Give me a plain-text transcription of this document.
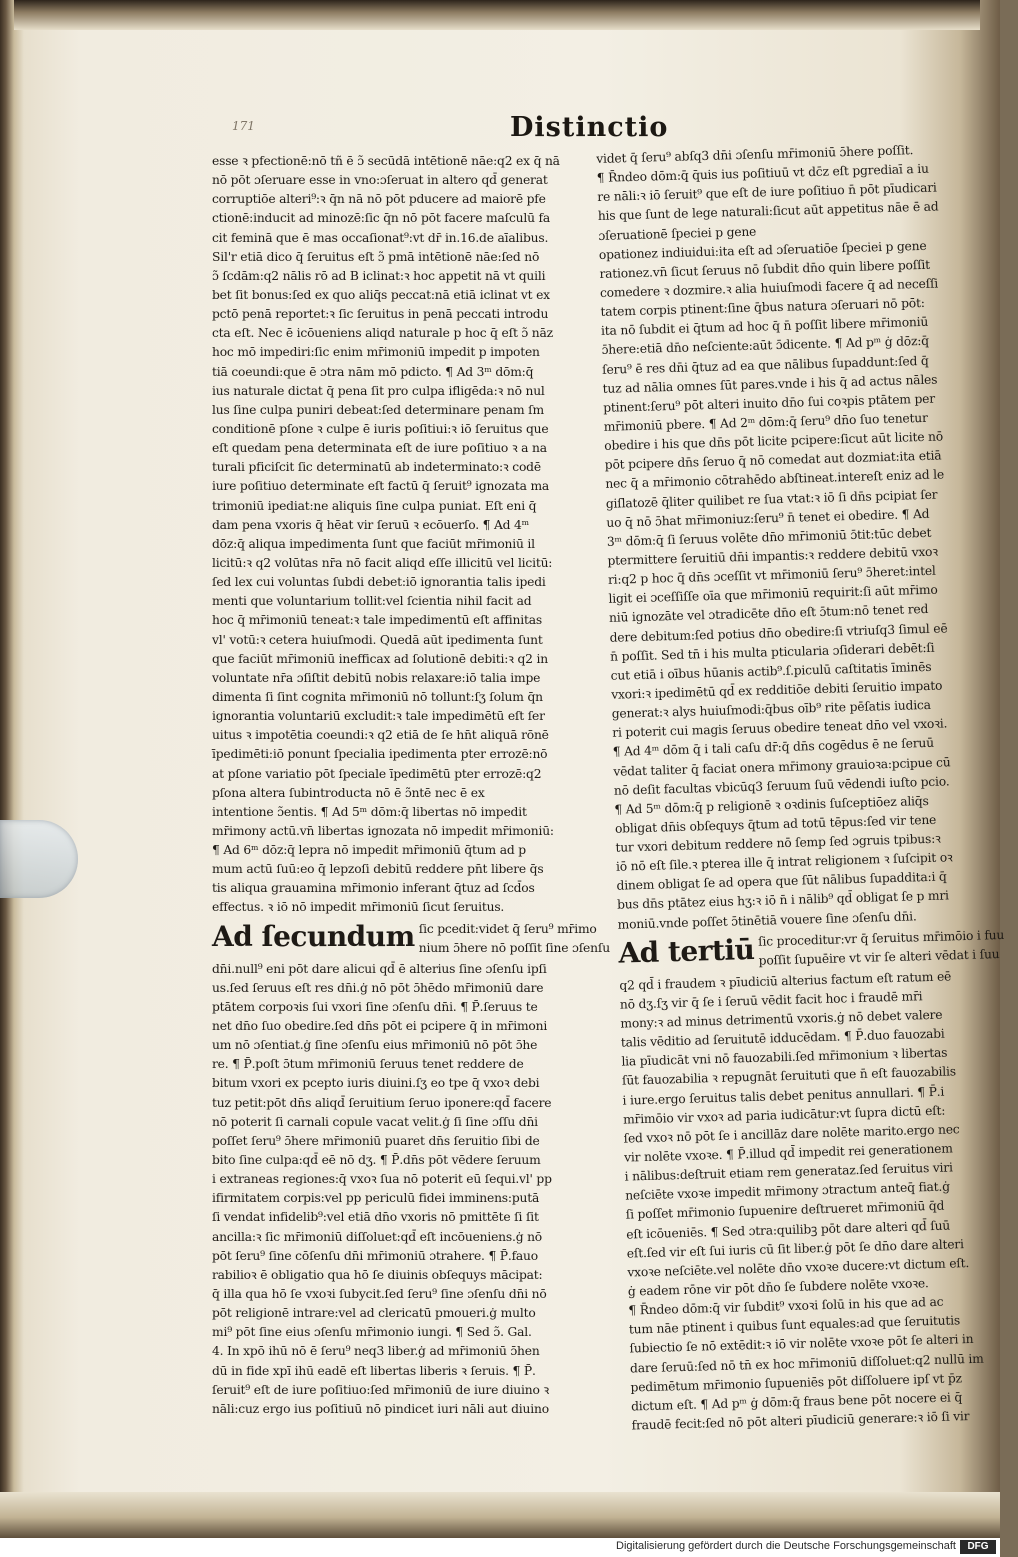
171	Distinctio
esse ꝛ pfectionē:nō tñ ē ɔ̃ secūdā intētionē nāe:q2 ex q̄ nā
nō pōt ɔſeruare esse in vno:ɔſeruat in altero qd̄ generat
corruptiōe alteri⁹:ꝛ q̄n nā nō pōt pducere ad maiorē pfe
ctionē:inducit ad minozē:ſic q̄n nō pōt facere maſculū fa
cit feminā que ē mas occaſionat⁹:vt dr̄ in.16.de aīalibus.
Sil'r etiā dico q̄ ſeruitus eſt ɔ̃ pmā intētionē nāe:ſed nō
ɔ̃ ſcdām:q2 nālis rō ad B iclinat:ꝛ hoc appetit nā vt quili
bet ſit bonus:ſed ex quo aliq̄s peccat:nā etiā iclinat vt ex
pctō penā reportet:ꝛ ſic ſeruitus in penā peccati introdu
cta eſt. Nec ē icōueniens aliqd naturale p hoc q̄ eſt ɔ̃ nāz
hoc mō impediri:ſic enim mr̄imoniū impedit p impoten
tiā coeundi:que ē ɔtra nām mō pdicto. ¶ Ad 3ᵐ dōm:q̄
ius naturale dictat q̄ pena ſit pro culpa ifligēda:ꝛ nō nul
lus ſine culpa puniri debeat:ſed determinare penam ſm
conditionē pſone ꝛ culpe ē iuris poſitiui:ꝛ iō ſeruitus que
eſt quedam pena determinata eſt de iure poſitiuo ꝛ a na
turali pficiſcit ſic determinatū ab indeterminato:ꝛ codē
iure poſitiuo determinate eſt factū q̄ ſeruit⁹ ignozata ma
trimoniū ipediat:ne aliquis ſine culpa puniat. Eſt eni q̄
dam pena vxoris q̄ hēat vir ſeruū ꝛ ecōuerſo. ¶ Ad 4ᵐ
dōz:q̄ aliqua impedimenta ſunt que faciūt mr̄imoniū il
licitū:ꝛ q2 volūtas nr̄a nō facit aliqd eſſe illicitū vel licitū:
ſed lex cui voluntas ſubdi debet:iō ignorantia talis ipedi
menti que voluntarium tollit:vel ſcientia nihil facit ad
hoc q̄ mr̄imoniū teneat:ꝛ tale impedimentū eſt affinitas
vl' votū:ꝛ cetera huiuſmodi. Quedā aūt ipedimenta ſunt
que faciūt mr̄imoniū inefficax ad ſolutionē debiti:ꝛ q2 in
voluntate nr̄a ɔſiſtit debitū nobis relaxare:iō talia impe
dimenta ſi ſint cognita mr̄imoniū nō tollunt:ſʒ ſolum q̄n
ignorantia voluntariū excludit:ꝛ tale impedimētū eſt ſer
uitus ꝛ impotētia coeundi:ꝛ q2 etiā de ſe hn̄t aliquā rōnē
īpedimēti:iō ponunt ſpecialia ipedimenta pter errozē:nō
at pſone variatio pōt ſpeciale īpedimētū pter errozē:q2
pſona altera ſubintroducta nō ē ɔ̃ntē nec ē ex
intentione ɔ̃entis. ¶ Ad 5ᵐ dōm:q̄ libertas nō impedit
mr̄imony actū.vn̄ libertas ignozata nō impedit mr̄imoniū:
¶ Ad 6ᵐ dōz:q̄ lepra nō impedit mr̄imoniū q̄tum ad p
mum actū ſuū:eo q̄ lepzoſi debitū reddere pn̄t libere q̄s
tis aliqua grauamina mr̄imonio inferant q̄tuz ad ſcd̄os
effectus. ꝛ iō nō impedit mr̄imoniū ſicut ſeruitus.
Ad ſecundum ſic pcedit:videt q̄ ſeru⁹ mr̄imo
nium ɔ̄here nō poſſit ſine ɔſenſu
dn̄i.null⁹ eni pōt dare alicui qd̄ ē alterius ſine ɔſenſu ipſi
us.ſed ſeruus eſt res dn̄i.ġ nō pōt ɔ̄hēdo mr̄imoniū dare
ptātem corpoꝛis ſui vxori ſine ɔſenſu dn̄i. ¶ P̄.ſeruus te
net dn̄o ſuo obedire.ſed dn̄s pōt ei pcipere q̄ in mr̄imoni
um nō ɔſentiat.ġ ſine ɔſenſu eius mr̄imoniū nō pōt ɔ̄he
re. ¶ P̄.poſt ɔ̄tum mr̄imoniū ſeruus tenet reddere de
bitum vxori ex pcepto iuris diuini.ſʒ eo tpe q̄ vxoꝛ debi
tuz petit:pōt dn̄s aliqd̄ ſeruitium ſeruo iponere:qd̄ facere
nō poterit ſi carnali copule vacat velit.ġ ſi ſine ɔſſu dn̄i
poſſet ſeru⁹ ɔ̄here mr̄imoniū puaret dn̄s ſeruitio ſibi de
bito ſine culpa:qd̄ eē nō dʒ. ¶ P̄.dn̄s pōt vēdere ſeruum
i extraneas regiones:q̄ vxoꝛ ſua nō poterit eū ſequi.vl' pp
ifirmitatem corpis:vel pp periculū fidei imminens:putā
ſi vendat infidelib⁹:vel etiā dn̄o vxoris nō pmittēte ſi ſit
ancilla:ꝛ ſic mr̄imoniū diſſoluet:qd̄ eſt incōueniens.ġ nō
pōt ſeru⁹ ſine cōſenſu dn̄i mr̄imoniū ɔtrahere. ¶ P̄.fauo
rabilioꝛ ē obligatio qua hō ſe diuinis obſequys mācipat:
q̄ illa qua hō ſe vxoꝛi ſubycit.ſed ſeru⁹ ſine ɔſenſu dn̄i nō
pōt religionē intrare:vel ad clericatū pmoueri.ġ multo
mi⁹ pōt ſine eius ɔſenſu mr̄imonio iungi. ¶ Sed ɔ̃. Gal.
4. In xpō ihū nō ē ſeru⁹ neq3 liber.ġ ad mr̄imoniū ɔ̄hen
dū in fide xpī ihū eadē eſt libertas liberis ꝛ ſeruis. ¶ P̄.
ſeruit⁹ eſt de iure poſitiuo:ſed mr̄imoniū de iure diuino ꝛ
nāli:cuz ergo ius poſitiuū nō pindicet iuri nāli aut diuino
videt q̄ ſeru⁹ abſq3 dn̄i ɔſenſu mr̄imoniū ɔ̄here poſſit.
¶ R̄ndeo dōm:q̄ q̄uis ius poſitiuū vt dc̄z eſt pgrediaī a iu
re nāli:ꝛ iō ſeruit⁹ que eſt de iure poſitiuo n̄ pōt pīudicari
his que ſunt de lege naturali:ſicut aūt appetitus nāe ē ad
ɔſeruationē ſpeciei p gene
opationez indiuidui:ita eſt ad ɔſeruatiōe ſpeciei p gene
rationez.vn̄ ſicut ſeruus nō ſubdit dn̄o quin libere poſſit
comedere ꝛ dozmire.ꝛ alia huiuſmodi facere q̄ ad neceſſi
tatem corpis ptinent:ſine q̄bus natura ɔſeruari nō pōt:
ita nō ſubdit ei q̄tum ad hoc q̄ n̄ poſſit libere mr̄imoniū
ɔ̄here:etiā dn̄o neſciente:aūt ɔ̄dicente. ¶ Ad pᵐ ġ dōz:q̄
ſeru⁹ ē res dn̄i q̄tuz ad ea que nālibus ſupaddunt:ſed q̄
tuz ad nālia omnes ſūt pares.vnde i his q̄ ad actus nāles
ptinent:ſeru⁹ pōt alteri inuito dn̄o ſui coꝛpis ptātem per
mr̄imoniū pbere. ¶ Ad 2ᵐ dōm:q̄ ſeru⁹ dn̄o ſuo tenetur
obedire i his que dn̄s pōt licite pcipere:ſicut aūt licite nō
pōt pcipere dn̄s ſeruo q̄ nō comedat aut dozmiat:ita etiā
nec q̄ a mr̄imonio cōtrahēdo abſtineat.intereſt eniz ad le
giſlatozē q̄liter quilibet re ſua vtat:ꝛ iō ſi dn̄s pcipiat ſer
uo q̄ nō ɔ̄hat mr̄imoniuz:ſeru⁹ n̄ tenet ei obedire. ¶ Ad
3ᵐ dōm:q̄ ſi ſeruus volēte dn̄o mr̄imoniū ɔ̄tit:tūc debet
ptermittere ſeruitiū dn̄i impantis:ꝛ reddere debitū vxoꝛ
ri:q2 p hoc q̄ dn̄s ɔceſſit vt mr̄imoniū ſeru⁹ ɔ̄heret:intel
ligit ei ɔceſſiſſe oīa que mr̄imoniū requirit:ſi aūt mr̄imo
niū ignozāte vel ɔtradicēte dn̄o eſt ɔ̄tum:nō tenet red
dere debitum:ſed potius dn̄o obedire:ſi vtriuſq3 ſimul eē
n̄ poſſit. Sed tn̄ i his multa pticularia ɔſiderari debēt:ſi
cut etiā i oībus hūanis actib⁹.ſ.piculū caſtitatis īminēs
vxori:ꝛ ipedimētū qd̄ ex redditiōe debiti ſeruitio impato
generat:ꝛ alys huiuſmodi:q̄bus oīb⁹ rite pēſatis iudica
ri poterit cui magis ſeruus obedire teneat dn̄o vel vxoꝛi.
¶ Ad 4ᵐ dōm q̄ i tali caſu dr̄:q̄ dn̄s cogēdus ē ne ſeruū
vēdat taliter q̄ faciat onera mr̄imony grauioꝛa:pcipue cū
nō deſit facultas vbicūq3 ſeruum ſuū vēdendi iuſto pcio.
¶ Ad 5ᵐ dōm:q̄ p religionē ꝛ oꝛdinis ſuſceptiōez aliq̄s
obligat dn̄is obſequys q̄tum ad totū tēpus:ſed vir tene
tur vxori debitum reddere nō ſemp ſed ɔgruis tpibus:ꝛ
iō nō eſt ſile.ꝛ pterea ille q̄ intrat religionem ꝛ ſuſcipit oꝛ
dinem obligat ſe ad opera que ſūt nālibus ſupaddita:i q̄
bus dn̄s ptātez eius hʒ:ꝛ iō n̄ i nālib⁹ qd̄ obligat ſe p mri
moniū.vnde poſſet ɔ̄tinētiā vouere ſine ɔſenſu dn̄i.
Ad tertiū ſic proceditur:vr q̄ ſeruitus mr̄imōio i fuu
poſſit ſupuēire vt vir ſe alteri vēdat i ſuu
q2 qd̄ i fraudem ꝛ pīudiciū alterius factum eſt ratum eē
nō dʒ.ſʒ vir q̄ ſe i ſeruū vēdit facit hoc i fraudē mr̄i
mony:ꝛ ad minus detrimentū vxoris.ġ nō debet valere
talis vēditio ad ſeruitutē idducēdam. ¶ P̄.duo fauozabi
lia pīudicāt vni nō fauozabili.ſed mr̄imonium ꝛ libertas
ſūt fauozabilia ꝛ repugnāt ſeruituti que n̄ eſt fauozabilis
i iure.ergo ſeruitus talis debet penitus annullari. ¶ P̄.i
mr̄imōio vir vxoꝛ ad paria iudicātur:vt ſupra dictū eſt:
ſed vxoꝛ nō pōt ſe i ancillāz dare nolēte marito.ergo nec
vir nolēte vxoꝛe. ¶ P̄.illud qd̄ impedit rei generationem
i nālibus:deſtruit etiam rem generataz.ſed ſeruitus viri
neſciēte vxoꝛe impedit mr̄imony ɔtractum anteq̄ fiat.ġ
ſi poſſet mr̄imonio ſupuenire deſtrueret mr̄imoniū q̄d
eſt icōueniēs. ¶ Sed ɔtra:quilibꝫ pōt dare alteri qd̄ ſuū
eſt.ſed vir eſt ſui iuris cū ſit liber.ġ pōt ſe dn̄o dare alteri
vxoꝛe neſciēte.vel nolēte dn̄o vxoꝛe ducere:vt dictum eſt.
ġ eadem rōne vir pōt dn̄o ſe ſubdere nolēte vxoꝛe.
¶ R̄ndeo dōm:q̄ vir ſubdit⁹ vxoꝛi ſolū in his que ad ac
tum nāe ptinent i quibus ſunt equales:ad que ſeruitutis
ſubiectio ſe nō extēdit:ꝛ iō vir nolēte vxoꝛe pōt ſe alteri in
dare ſeruū:ſed nō tn̄ ex hoc mr̄imoniū diſſoluet:q2 nullū im
pedimētum mr̄imonio ſupueniēs pōt diſſoluere ipſ vt p̄z
dictum eſt. ¶ Ad pᵐ ġ dōm:q̄ fraus bene pōt nocere ei q̄
fraudē fecit:ſed nō pōt alteri pīudiciū generare:ꝛ iō ſi vir
Digitalisierung gefördert durch die Deutsche Forschungsgemeinschaft	DFG
